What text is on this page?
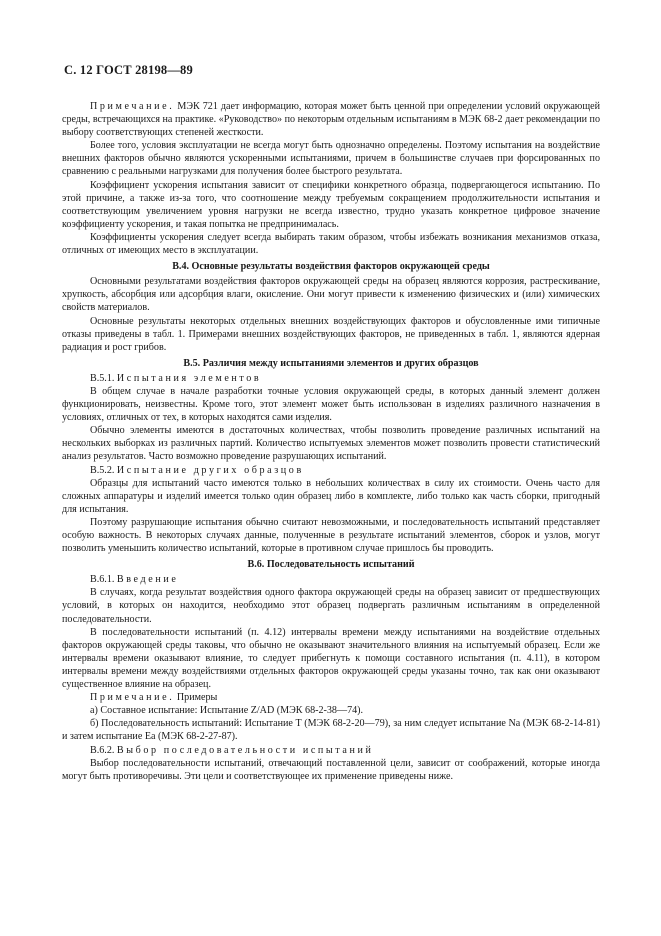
С. 12 ГОСТ 28198—89

Примечание. МЭК 721 дает информацию, которая может быть ценной при определении условий окружающей среды, встречающихся на практике. «Руководство» по некоторым отдельным испытаниям в МЭК 68-2 дает рекомендации по выбору соответствующих степеней жесткости.

Более того, условия эксплуатации не всегда могут быть однозначно определены. Поэтому испытания на воздействие внешних факторов обычно являются ускоренными испытаниями, причем в большинстве случаев при форсированных по сравнению с реальными нагрузками для получения более быстрого результата.

Коэффициент ускорения испытания зависит от специфики конкретного образца, подвергающегося испытанию. По этой причине, а также из-за того, что соотношение между требуемым сокращением продолжительности испытания и соответствующим увеличением уровня нагрузки не всегда известно, трудно указать конкретное цифровое значение коэффициенту ускорения, и такая попытка не предпринималась.

Коэффициенты ускорения следует всегда выбирать таким образом, чтобы избежать возникания механизмов отказа, отличных от имеющих место в эксплуатации.

В.4. Основные результаты воздействия факторов окружающей среды

Основными результатами воздействия факторов окружающей среды на образец являются коррозия, растрескивание, хрупкость, абсорбция или адсорбция влаги, окисление. Они могут привести к изменению физических и (или) химических свойств материалов.

Основные результаты некоторых отдельных внешних воздействующих факторов и обусловленные ими типичные отказы приведены в табл. 1. Примерами внешних воздействующих факторов, не приведенных в табл. 1, являются ядерная радиация и рост грибов.

В.5. Различия между испытаниями элементов и других образцов

В.5.1. Испытания элементов

В общем случае в начале разработки точные условия окружающей среды, в которых данный элемент должен функционировать, неизвестны. Кроме того, этот элемент может быть использован в изделиях различного назначения в условиях, отличных от тех, в которых находятся сами изделия.

Обычно элементы имеются в достаточных количествах, чтобы позволить проведение различных испытаний на нескольких выборках из различных партий. Количество испытуемых элементов может позволить провести статистический анализ результатов. Часто возможно проведение разрушающих испытаний.

В.5.2. Испытание других образцов

Образцы для испытаний часто имеются только в небольших количествах в силу их стоимости. Очень часто для сложных аппаратуры и изделий имеется только один образец либо в комплекте, либо только как часть сборки, пригодный для испытания.

Поэтому разрушающие испытания обычно считают невозможными, и последовательность испытаний представляет особую важность. В некоторых случаях данные, полученные в результате испытаний элементов, сборок и узлов, могут позволить уменьшить количество испытаний, которые в противном случае пришлось бы проводить.

В.6. Последовательность испытаний

В.6.1. Введение

В случаях, когда результат воздействия одного фактора окружающей среды на образец зависит от предшествующих условий, в которых он находится, необходимо этот образец подвергать различным испытаниям в определенной последовательности.

В последовательности испытаний (п. 4.12) интервалы времени между испытаниями на воздействие отдельных факторов окружающей среды таковы, что обычно не оказывают значительного влияния на испытуемый образец. Если же интервалы времени оказывают влияние, то следует прибегнуть к помощи составного испытания (п. 4.11), в котором интервалы времени между воздействиями отдельных факторов окружающей среды указаны точно, так как они оказывают существенное влияние на образец.

Примечание. Примеры

а) Составное испытание: Испытание Z/AD (МЭК 68-2-38—74).

б) Последовательность испытаний: Испытание Т (МЭК 68-2-20—79), за ним следует испытание Na (МЭК 68-2-14-81) и затем испытание Ea (МЭК 68-2-27-87).

В.6.2. Выбор последовательности испытаний

Выбор последовательности испытаний, отвечающий поставленной цели, зависит от соображений, которые иногда могут быть противоречивы. Эти цели и соответствующее их применение приведены ниже.
